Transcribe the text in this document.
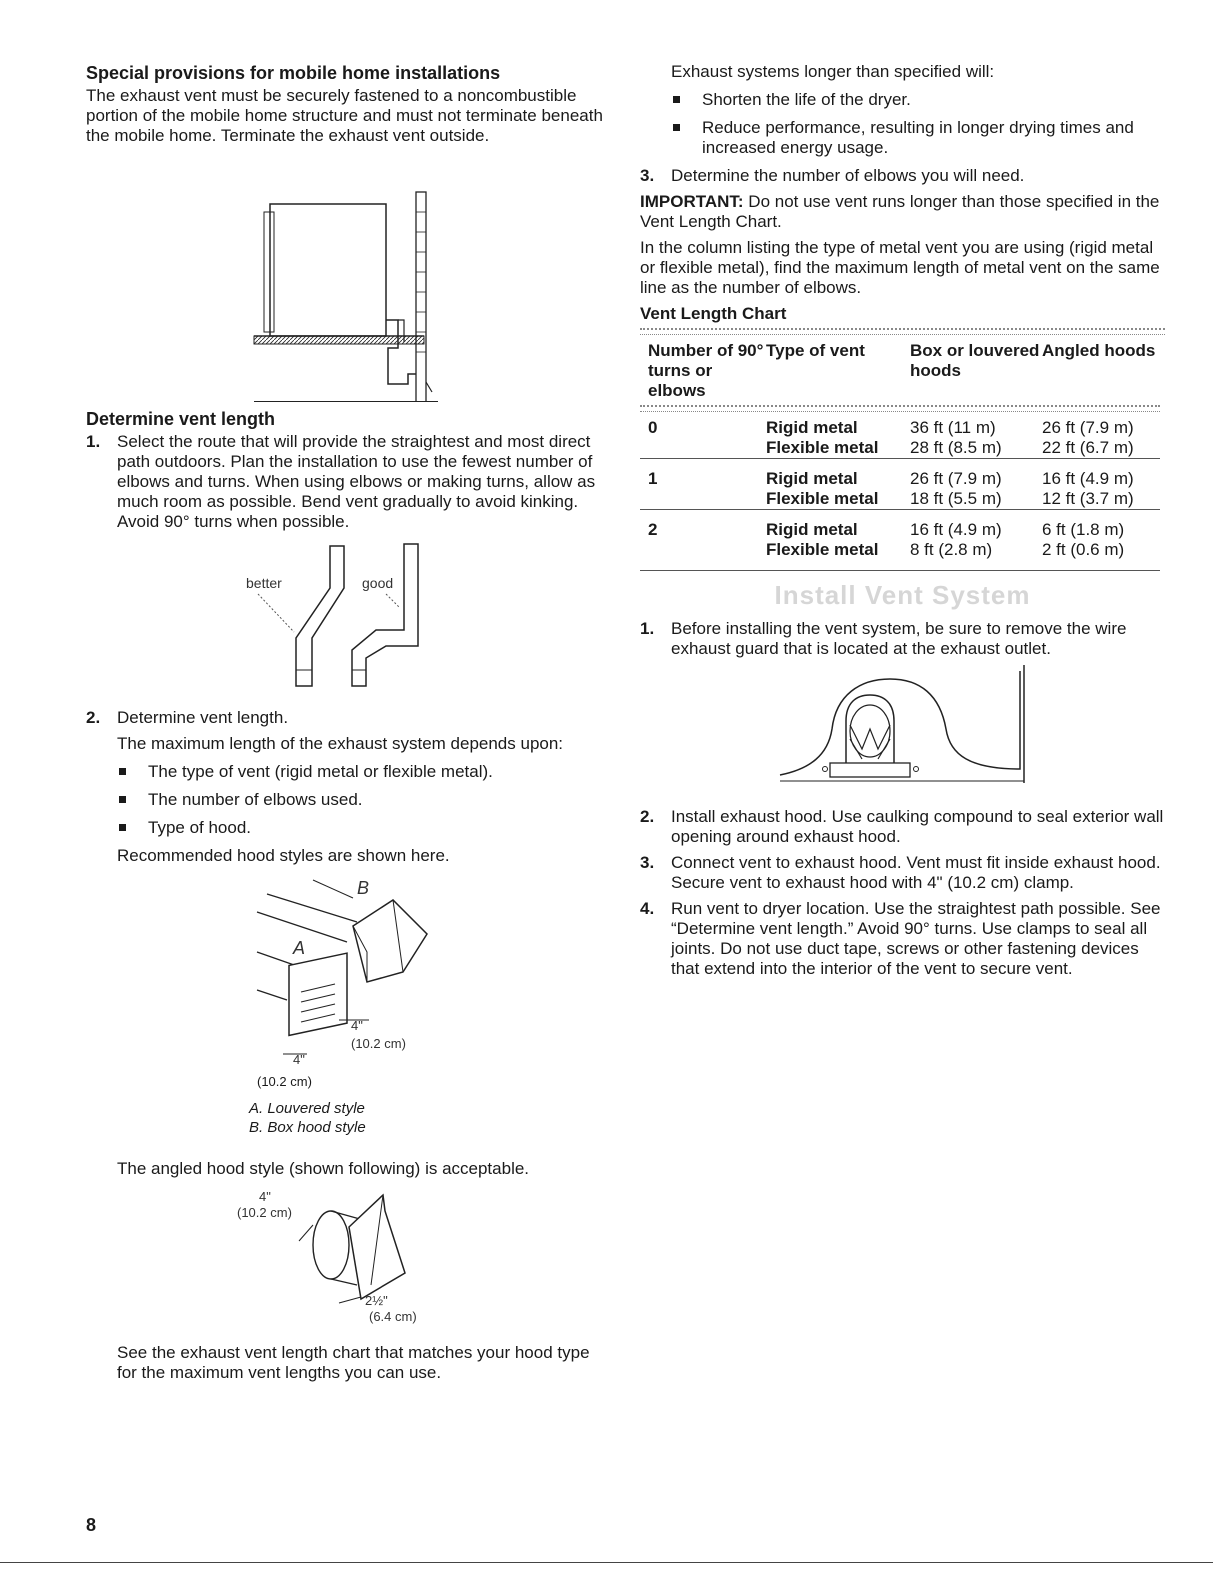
Special provisions for mobile home installations

The exhaust vent must be securely fastened to a noncombustible portion of the mobile home structure and must not terminate beneath the mobile home. Terminate the exhaust vent outside.

Determine vent length
1. Select the route that will provide the straightest and most direct path outdoors. Plan the installation to use the fewest number of elbows and turns. When using elbows or making turns, allow as much room as possible. Bend vent gradually to avoid kinking. Avoid 90° turns when possible.
better	good
2. Determine vent length.

The maximum length of the exhaust system depends upon:

The type of vent (rigid metal or flexible metal).
The number of elbows used.
Type of hood.

Recommended hood styles are shown here.

B
A
4"
(10.2 cm)
4"
(10.2 cm)
A. Louvered style
B. Box hood style

The angled hood style (shown following) is acceptable.

4"
(10.2 cm)
2½"
(6.4 cm)

See the exhaust vent length chart that matches your hood type for the maximum vent lengths you can use.

Exhaust systems longer than specified will:

Shorten the life of the dryer.
Reduce performance, resulting in longer drying times and increased energy usage.
3. Determine the number of elbows you will need.

IMPORTANT: Do not use vent runs longer than those specified in the Vent Length Chart.

In the column listing the type of metal vent you are using (rigid metal or flexible metal), find the maximum length of metal vent on the same line as the number of elbows.

Vent Length Chart
Number of 90° turns or elbows	Type of vent	Box or louvered hoods	Angled hoods

0	Rigid metal	36 ft (11 m)	26 ft (7.9 m)
	Flexible metal	28 ft (8.5 m)	22 ft (6.7 m)
1	Rigid metal	26 ft (7.9 m)	16 ft (4.9 m)
	Flexible metal	18 ft (5.5 m)	12 ft (3.7 m)
2	Rigid metal	16 ft (4.9 m)	6 ft (1.8 m)
	Flexible metal	8 ft (2.8 m)	2 ft (0.6 m)
Install Vent System
1. Before installing the vent system, be sure to remove the wire exhaust guard that is located at the exhaust outlet.
2. Install exhaust hood. Use caulking compound to seal exterior wall opening around exhaust hood.
3. Connect vent to exhaust hood. Vent must fit inside exhaust hood. Secure vent to exhaust hood with 4" (10.2 cm) clamp.
4. Run vent to dryer location. Use the straightest path possible. See “Determine vent length.” Avoid 90° turns. Use clamps to seal all joints. Do not use duct tape, screws or other fastening devices that extend into the interior of the vent to secure vent.
8
